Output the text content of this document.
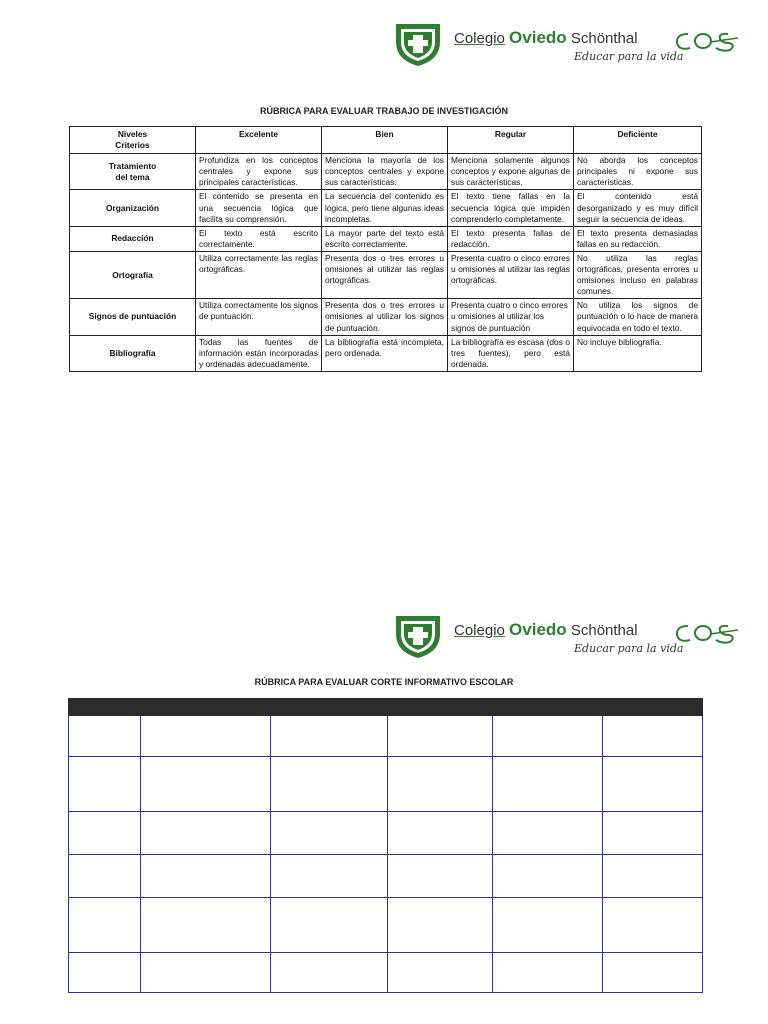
Colegio Oviedo Schönthal
Educar para la vida
RÚBRICA PARA EVALUAR TRABAJO DE INVESTIGACIÓN
Niveles
Criterios	Excelente	Bien	Regular	Deficiente

Tratamiento
del tema	Profundiza en los conceptos centrales y expone sus principales características.	Menciona la mayoría de los conceptos centrales y expone sus características.	Menciona solamente algunos conceptos y expone algunas de sus características.	No aborda los conceptos principales ni expone sus características.
Organización	El contenido se presenta en una secuencia lógica que facilita su comprensión.	La secuencia del contenido es lógica, pero tiene algunas ideas incompletas.	El texto tiene fallas en la secuencia lógica que impiden comprenderlo completamente.	El contenido está desorganizado y es muy difícil seguir la secuencia de ideas.
Redacción	El texto está escrito correctamente.	La mayor parte del texto está escrito correctamente.	El texto presenta fallas de redacción.	El texto presenta demasiadas fallas en su redacción.
Ortografía	Utiliza correctamente las reglas ortográficas.	Presenta dos o tres errores u omisiones al utilizar las reglas ortográficas.	Presenta cuatro o cinco errores u omisiones al utilizar las reglas ortográficas.	No utiliza las reglas ortográficas, presenta errores u omisiones incluso en palabras comunes.
Signos de puntuación	Utiliza correctamente los signos de puntuación.	Presenta dos o tres errores u omisiones al utilizar los signos de puntuación.	Presenta cuatro o cinco errores u omisiones al utilizar los signos de puntuación	No utiliza los signos de puntuación o lo hace de manera equivocada en todo el texto.
Bibliografía	Todas las fuentes de información están incorporadas y ordenadas adecuadamente.	La bibliografía está incompleta, pero ordenada.	La bibliografía es escasa (dos o tres fuentes), pero está ordenada.	No incluye bibliografía.
Colegio Oviedo Schönthal
Educar para la vida
RÚBRICA PARA EVALUAR CORTE INFORMATIVO ESCOLAR
